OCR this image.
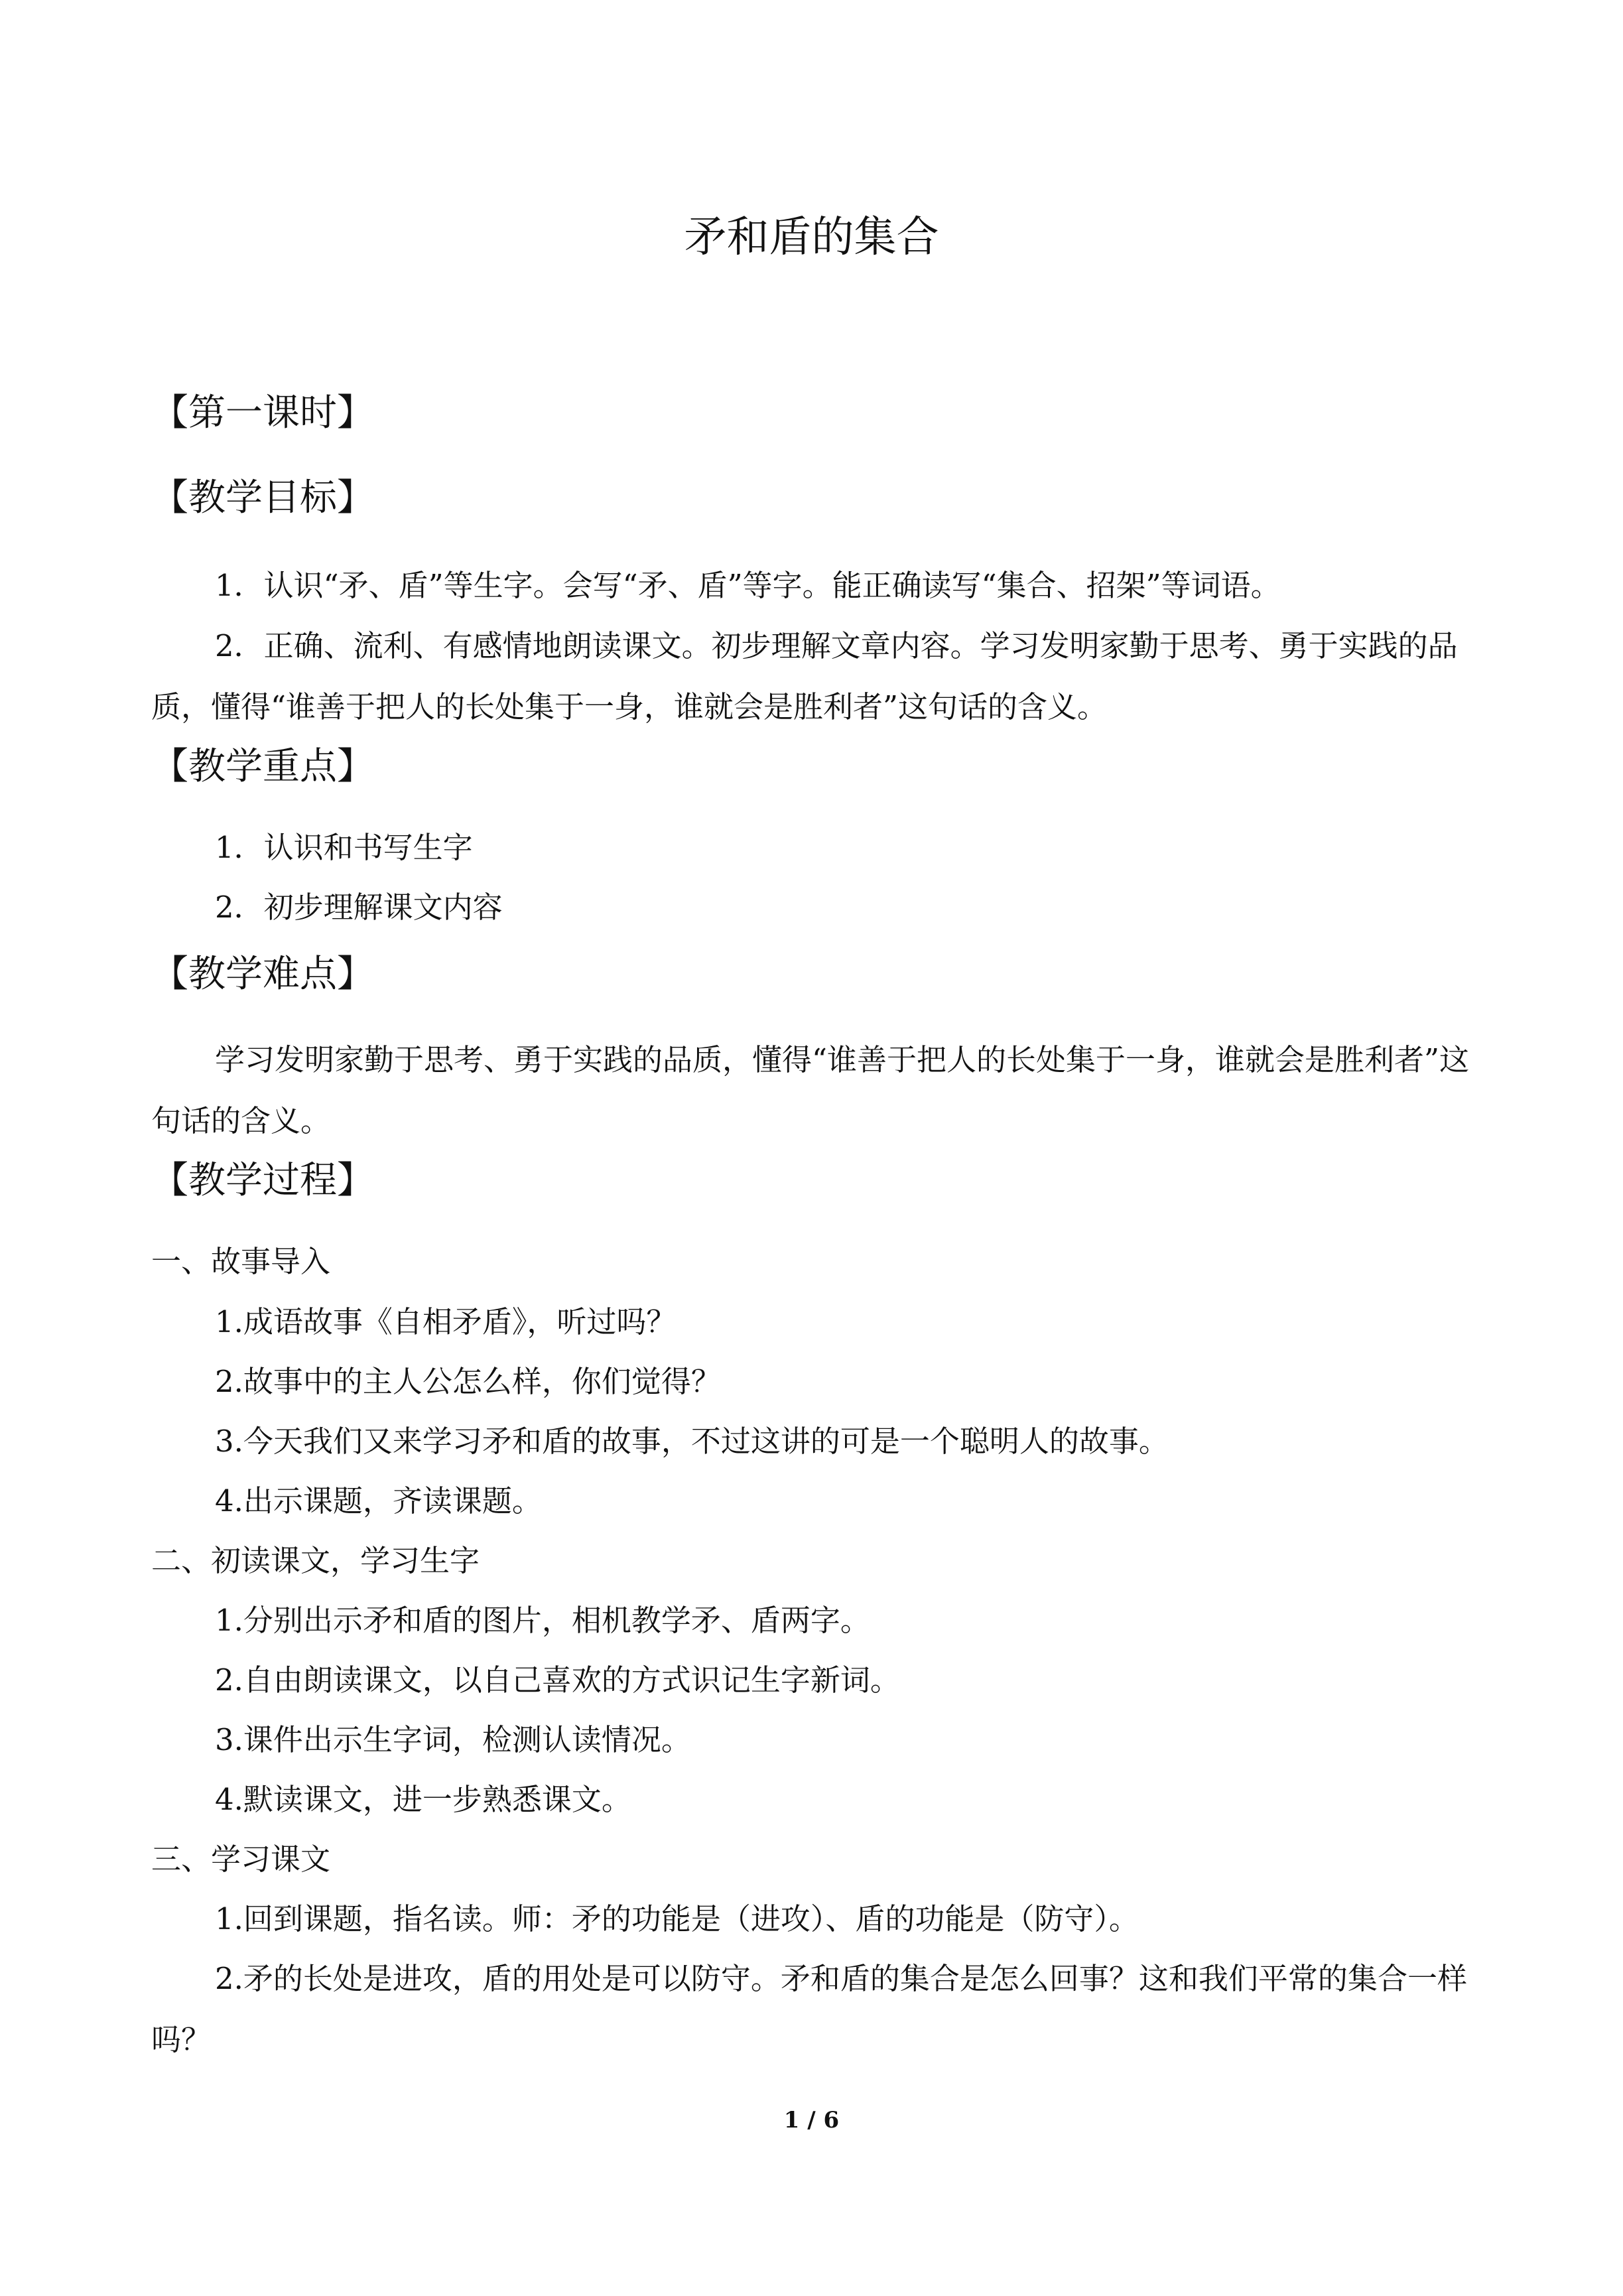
矛和盾的集合
【第一课时】
【教学目标】

1．认识“矛、盾”等生字。会写“矛、盾”等字。能正确读写“集合、招架”等词语。

2．正确、流利、有感情地朗读课文。初步理解文章内容。学习发明家勤于思考、勇于实践的品质，懂得“谁善于把人的长处集于一身，谁就会是胜利者”这句话的含义。

【教学重点】

1．认识和书写生字

2．初步理解课文内容

【教学难点】

学习发明家勤于思考、勇于实践的品质，懂得“谁善于把人的长处集于一身，谁就会是胜利者”这句话的含义。

【教学过程】

一、故事导入

1.成语故事《自相矛盾》，听过吗？

2.故事中的主人公怎么样，你们觉得？

3.今天我们又来学习矛和盾的故事，不过这讲的可是一个聪明人的故事。

4.出示课题，齐读课题。

二、初读课文，学习生字

1.分别出示矛和盾的图片，相机教学矛、盾两字。

2.自由朗读课文，以自己喜欢的方式识记生字新词。

3.课件出示生字词，检测认读情况。

4.默读课文，进一步熟悉课文。

三、学习课文

1.回到课题，指名读。师：矛的功能是（进攻）、盾的功能是（防守）。

2.矛的长处是进攻，盾的用处是可以防守。矛和盾的集合是怎么回事？这和我们平常的集合一样吗？

1 / 6
